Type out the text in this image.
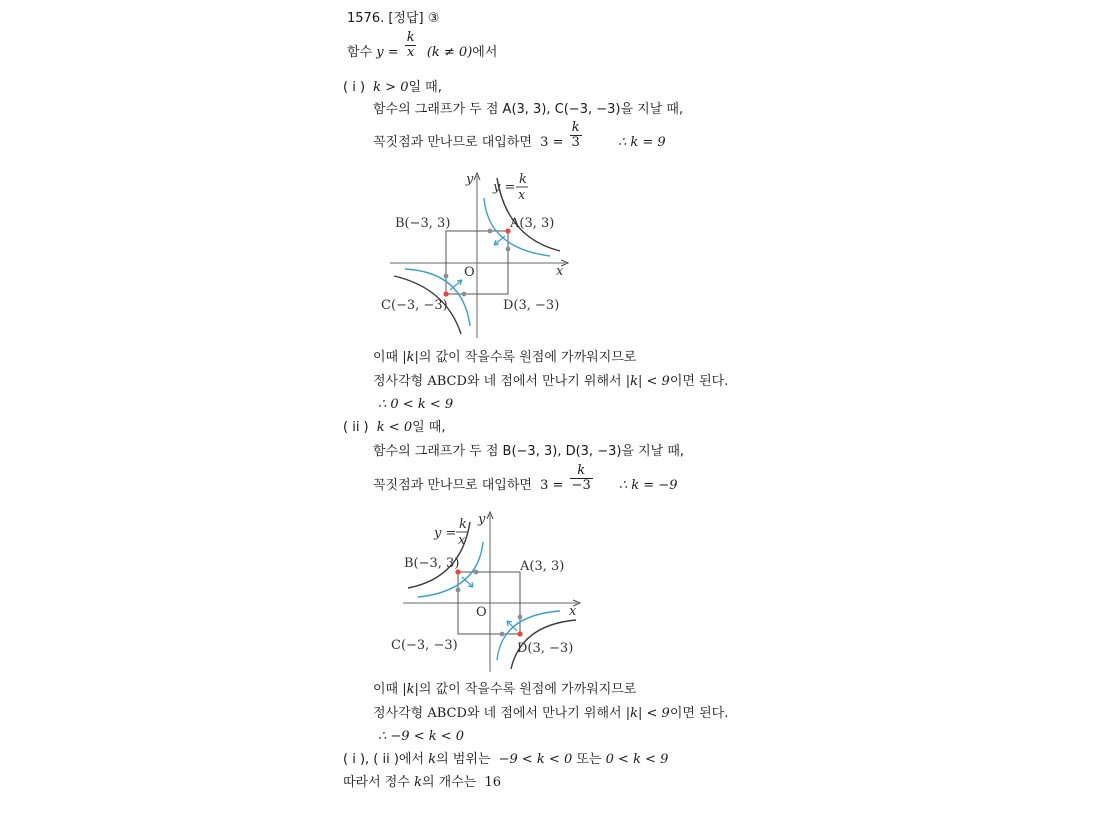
1576. [정답] ③
함수 $y = \frac{k}{x} (k \ne 0)$에서
( i ) k > 0일 때,
함수의 그래프가 두 점 A(3, 3), C(−3, −3)을 지날 때,
꼭짓점과 만나므로 대입하면 $3 = \frac{k}{3}$	∴ k = 9
y
x
O
y =
k
x
A(3, 3)
B(−3, 3)
C(−3, −3)	D(3, −3)
이때 |k|의 값이 작을수록 원점에 가까워지므로
정사각형 ABCD와 네 점에서 만나기 위해서 |k| < 9이면 된다.
∴ 0 < k < 9
( ii ) k < 0일 때,
함수의 그래프가 두 점 B(−3, 3), D(3, −3)을 지날 때,
꼭짓점과 만나므로 대입하면 $3 = \frac{k}{-3}$ ∴ k = −9
y
x
O
y =
k
x
A(3, 3)
B(−3, 3)
C(−3, −3)	D(3, −3)
이때 |k|의 값이 작을수록 원점에 가까워지므로
정사각형 ABCD와 네 점에서 만나기 위해서 |k| < 9이면 된다.
∴ −9 < k < 0
( i ), ( ii )에서 k의 범위는 −9 < k < 0 또는 0 < k < 9
따라서 정수 k의 개수는 16
